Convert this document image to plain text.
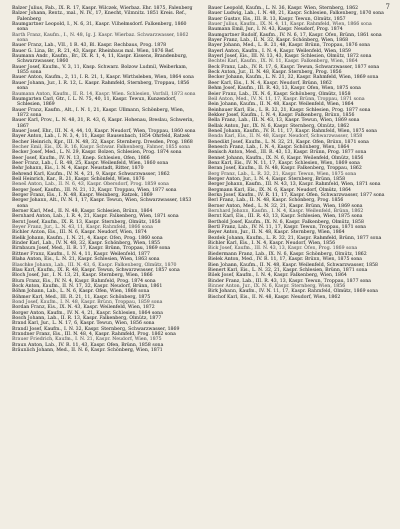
7
Balzer Julius, Fab., IX. R. 17, Kaspr. Wilczek, Wierbaz. Ehr. 1875, Falenberg
Balzer Johann, Rentz., mal., N. IV., 17, Knecht, Vilmnitz. 1851 Kreis. Ref., Falenberg
Baumgartner Leopold, I., N. 6, 31, Kaspr. Vilhelmsdorf. Falkenberg, 1860 sona
Barth Franz, Kaufm., I., N. 48, Ig. J. Kaspr. Wierbaz. Schwarzwasser, 1862 sona
Bauer Franz, Lab., VII., 1 R. 43, Bl. Kaspr. Rechbaus, Prog. 1878
Bauer G. Lina, Br., R. 21, 43, Kaspr. Rheinbaus mal. Wien, 1876 Ref.
Baumann Andr., Kaufm., Br., IX. R. 1, 4, 11, Kaspr. Kissens, Brandenburg, Schwarzwasser, 1860
Bauer Josef, Kaufm., V. 3, 11, Knsp. Schwarz. Bolzow Ludmil, Weiberkam, 1855 sona
Bauer Anton, Kaufm., 2, 11, I. R. 21, 1, Kaspr. Wirthsleben, Wien, 1864 sona
Bauer Johann, Jur., I. R. 12, L. Kaspr. Rahmfeld, Sternberg, Troppau, 1856 sona
Baumann Anton, Kaufm., II. R. 14, Kaspr. Wien. Schlesien, Vorfall, 1873 sona
Baumgarten Carl, Gtr., I. L. N. 75, 40, 11, Kaspr. Tewun, Kunzendorf, Schlesien, 1869
Bauer Franz, Kaufm., Alt., I. N. 1, 21, Kaspr. Ullmann, Schönberg, Wien, 1872 sona
Bauer Karl, Prov., L. N. 48, 31, R. 43, 6, Kaspr. Hohenau, Breslau, Schwerin, 1867
Bauer Josef, Ehr., III. N. 4, 44, 10, Kaspr. Neudorf, Wien, Troppau, 1860 sona
Bayer Anton, Lab., I. N. 3, 4, 11, Kaspr. Rausenbach, 1854 Ohrfeld, Ratzek
Becher Heinrich, Kpr., III. N. 48, 32, Kaspr. Sternberg. Dresden, Prog. 1868
Becher Emil, Eis., IX. R. 16, Kaspr. Schwar. Falkenberg, Falmer, 1855 sona
Becker Josef, Med., L. N. 29, Kaspr. Bolzen, Schlesien, Prog. 1874 sona
Beer Josef, Kaufm., IV. N. 13, Knep. Schlesien, Ofen, 1866
Beer Franz, Lab., I. R. 48, 25, Kaspr. Weilenfeld, Wien, 1860 sona
Behr Johann, Eis., I. N. 4, Kaspr. Neustadt, Ritter, 1870
Behrend Karl, Kaufm., IV. N. 4, 21, 9, Kaspr. Schwarzwasser, 1862
Beil Heinrich, Kar., R. 21, Kaspr. Schönfeld, Wien, 1876
Beneš Anton, Lab., II. N. 6, 43, Kaspr. Obersdorf, Prog. 1859 sona
Berger Josef, Kaufm., III. N. 21, 12, Kaspr. Troppau, Wien, 1877 sona
Berger Franz, Eis., I. N. 48, Kaspr. Weinberg, Ratzek, 1869
Berger Johann, Alt., IV. N. 1, 17, Kaspr. Tewun, Wien, Schwarzwasser, 1853 sona
Berner Karl, Med., II. N. 48, Kaspr. Schlesien, Brünn, 1864
Bernhard Anton, Lab., I. R. 4, 21, Kaspr. Falkenberg, Wien, 1871 sona
Bernt Josef, Kaufm., IX. R. 13, Kaspr. Sternberg, Olmütz, 1858
Beyer Franz, Jur., L. N. 43, 11, Kaspr. Rahmfeld, 1866 sona
Bichler Anton, Eis., III. N. 6, Kaspr. Neudorf, Wien, 1874
Bielik Johann, Kaufm., I. N. 21, 4, Kaspr. Ofen, Prog. 1860 sona
Binder Karl, Lab., IV. N. 48, 32, Kaspr. Schönberg, Wien, 1855
Birnbaum Josef, Med., II. R. 17, Kaspr. Brünn, Troppau, 1869 sona
Bittner Franz, Kaufm., I. N. 4, 11, Kaspr. Weilenfeld, 1877
Blaha Anton, Eis., L. N. 21, Kaspr. Schlesien, Wien, 1863 sona
Blaschke Johann, Lab., III. N. 43, 6, Kaspr. Falkenberg, Olmütz, 1870
Blau Karl, Kaufm., IX. R. 48, Kaspr. Tewun, Schwarzwasser, 1857 sona
Bloch Josef, Jur., I. N. 13, 21, Kaspr. Sternberg, Wien, 1866
Blum Franz, Eis., IV. N. 4, Kaspr. Rahmfeld, Prog. 1874 sona
Bock Anton, Kaufm., II. N. 17, 32, Kaspr. Neudorf, Brünn, 1861
Böhm Johann, Lab., L. N. 6, Kaspr. Ofen, Wien, 1868 sona
Böhmer Karl, Med., III. R. 21, 11, Kaspr. Schönberg, 1875
Bond Josef, Kaufm., I. N. 48, Kaspr. Brünn, Troppau, 1859 sona
Bordan Franz, Eis., IX. N. 43, Kaspr. Weilenfeld, Wien, 1872
Borger Anton, Kaufm., IV. N. 4, 21, Kaspr. Schlesien, 1864 sona
Bosch Johann, Lab., II. R. 13, Kaspr. Falkenberg, Olmütz, 1877
Brand Karl, Jur., L. N. 17, 6, Kaspr. Tewun, Wien, 1856 sona
Brandl Josef, Kaufm., I. N. 32, Kaspr. Sternberg, Schwarzwasser, 1869
Brandner Franz, Eis., III. N. 48, 4, Kaspr. Rahmfeld, Prog. 1862 sona
Brauer Friedrich, Kaufm., I. N. 21, Kaspr. Neudorf, Wien, 1875
Braun Anton, Lab., IV. R. 11, 43, Kaspr. Ofen, Brünn, 1858 sona
Bräunlich Johann, Med., II. N. 6, Kaspr. Schönberg, Wien, 1871
Bauer Leopold, Kaufm., L. N. 36, Kaspr. Wien, Sternberg, 1862
Bauer Ludwig, Lab., I. N. 48, 21, Kaspr. Schlesien, Falkenberg, 1870 sona
Bauer Gustav, Eis., III. R. 13, Kaspr. Tewun, Olmütz, 1857
Bauer Julius, Kaufm., IX. N. 4, 11, Kaspr. Rahmfeld, Wien, 1866 sona
Baumann Emil, Jur., I. N. 43, Kaspr. Neudorf, Prog. 1874
Baumgartner Rudolf, Kaufm., IV. N. 6, 17, Kaspr. Ofen, Brünn, 1861 sona
Bayer Franz, Lab., II. N. 32, Kaspr. Schönberg, Wien, 1868
Bayer Johann, Med., L. R. 21, 48, Kaspr. Brünn, Troppau, 1876 sona
Bayerl Anton, Kaufm., I. N. 4, Kaspr. Weilenfeld, Wien, 1859
Bayerl Josef, Eis., III. N. 13, 43, Kaspr. Schlesien, Olmütz, 1872 sona
Bechtel Karl, Kaufm., IX. N. 11, Kaspr. Falkenberg, Wien, 1864
Beck Franz, Lab., IV. R. 17, 6, Kaspr. Tewun, Schwarzwasser, 1877 sona
Beck Anton, Jur., II. N. 48, Kaspr. Sternberg, Prog. 1856
Becker Johann, Kaufm., L. N. 21, 32, Kaspr. Rahmfeld, Wien, 1869 sona
Beer Karl, Eis., I. N. 4, Kaspr. Neudorf, Brünn, 1862
Behm Josef, Kaufm., III. R. 43, 13, Kaspr. Ofen, Wien, 1875 sona
Beier Franz, Lab., IX. N. 6, Kaspr. Schönberg, Olmütz, 1858
Beil Anton, Med., IV. N. 11, 17, Kaspr. Brünn, Troppau, 1871 sona
Bein Johann, Kaufm., II. N. 48, Kaspr. Weilenfeld, Wien, 1864
Beinhauer Karl, Eis., L. R. 32, 21, Kaspr. Schlesien, Prog. 1877 sona
Bekker Josef, Kaufm., I. N. 4, Kaspr. Falkenberg, Brünn, 1856
Bella Franz, Lab., III. N. 43, 13, Kaspr. Tewun, Wien, 1869 sona
Bellak Anton, Jur., IX. N. 6, Kaspr. Sternberg, Olmütz, 1862
Beneš Johann, Kaufm., IV. R. 11, 17, Kaspr. Rahmfeld, Wien, 1875 sona
Benda Karl, Eis., II. N. 48, Kaspr. Neudorf, Schwarzwasser, 1858
Benedikt Josef, Kaufm., L. N. 32, 21, Kaspr. Ofen, Brünn, 1871 sona
Benesch Franz, Lab., I. N. 4, Kaspr. Schönberg, Wien, 1864
Benisch Anton, Med., III. R. 43, 13, Kaspr. Brünn, Prog. 1877 sona
Bennet Johann, Kaufm., IX. N. 6, Kaspr. Weilenfeld, Olmütz, 1856
Benz Karl, Eis., IV. N. 11, 17, Kaspr. Schlesien, Wien, 1869 sona
Beran Josef, Kaufm., II. N. 48, Kaspr. Falkenberg, Troppau, 1862
Berg Franz, Lab., L. R. 32, 21, Kaspr. Tewun, Wien, 1875 sona
Berger Anton, Jur., I. N. 4, Kaspr. Sternberg, Brünn, 1858
Berger Johann, Kaufm., III. N. 43, 13, Kaspr. Rahmfeld, Wien, 1871 sona
Bergmann Karl, Eis., IX. N. 6, Kaspr. Neudorf, Olmütz, 1864
Berka Josef, Kaufm., IV. R. 11, 17, Kaspr. Ofen, Schwarzwasser, 1877 sona
Berl Franz, Lab., II. N. 48, Kaspr. Schönberg, Prog. 1856
Berner Anton, Med., L. N. 32, 21, Kaspr. Brünn, Wien, 1869 sona
Bernhard Johann, Kaufm., I. N. 4, Kaspr. Weilenfeld, Brünn, 1862
Bernt Karl, Eis., III. R. 43, 13, Kaspr. Schlesien, Wien, 1875 sona
Berthold Josef, Kaufm., IX. N. 6, Kaspr. Falkenberg, Olmütz, 1858
Bertl Franz, Lab., IV. N. 11, 17, Kaspr. Tewun, Troppau, 1871 sona
Beyer Anton, Jur., II. N. 48, Kaspr. Sternberg, Wien, 1864
Bezdek Johann, Kaufm., L. R. 32, 21, Kaspr. Rahmfeld, Brünn, 1877 sona
Bichler Karl, Eis., I. N. 4, Kaspr. Neudorf, Wien, 1856
Bick Josef, Kaufm., III. N. 43, 13, Kaspr. Ofen, Prog. 1869 sona
Biedermann Franz, Lab., IX. N. 6, Kaspr. Schönberg, Olmütz, 1862
Bielek Anton, Med., IV. R. 11, 17, Kaspr. Brünn, Wien, 1875 sona
Bien Johann, Kaufm., II. N. 48, Kaspr. Weilenfeld, Schwarzwasser, 1858
Bienert Karl, Eis., L. N. 32, 21, Kaspr. Schlesien, Brünn, 1871 sona
Bilek Josef, Kaufm., I. N. 4, Kaspr. Falkenberg, Wien, 1864
Binder Franz, Lab., III. R. 43, 13, Kaspr. Tewun, Troppau, 1877 sona
Binner Anton, Jur., IX. N. 6, Kaspr. Sternberg, Wien, 1856
Birk Johann, Kaufm., IV. N. 11, 17, Kaspr. Rahmfeld, Olmütz, 1869 sona
Bischof Karl, Eis., II. N. 48, Kaspr. Neudorf, Wien, 1862
